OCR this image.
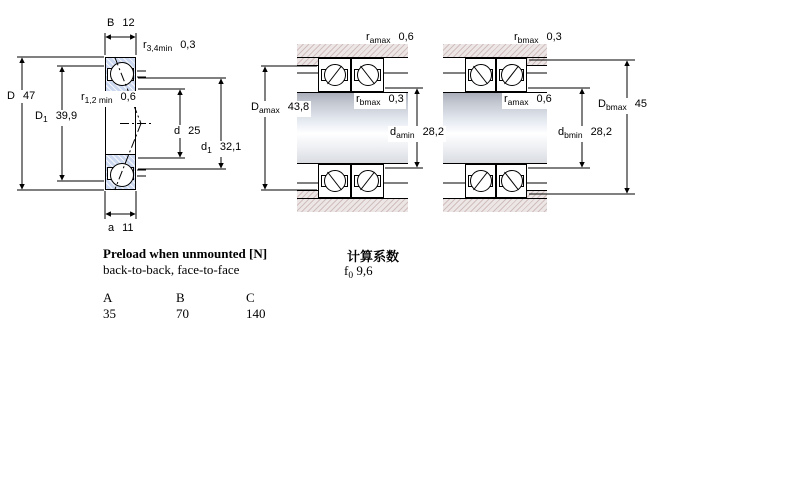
B 12
$r_{3,4min}$ 0,3
D 47
$D_1$ 39,9
$r_{1,2 min}$ 0,6
d 25
$d_1$ 32,1
a 11
$r_{amax}$ 0,6
$D_{amax}$ 43,8
$r_{bmax}$ 0,3
$d_{amin}$ 28,2
$r_{bmax}$ 0,3
$r_{amax}$ 0,6	$D_{bmax}$ 45
$d_{bmin}$ 28,2
Preload when unmounted [N]
back-to-back, face-to-face
A	B	C
35	70	140
计算系数
$f_0$ 9,6
